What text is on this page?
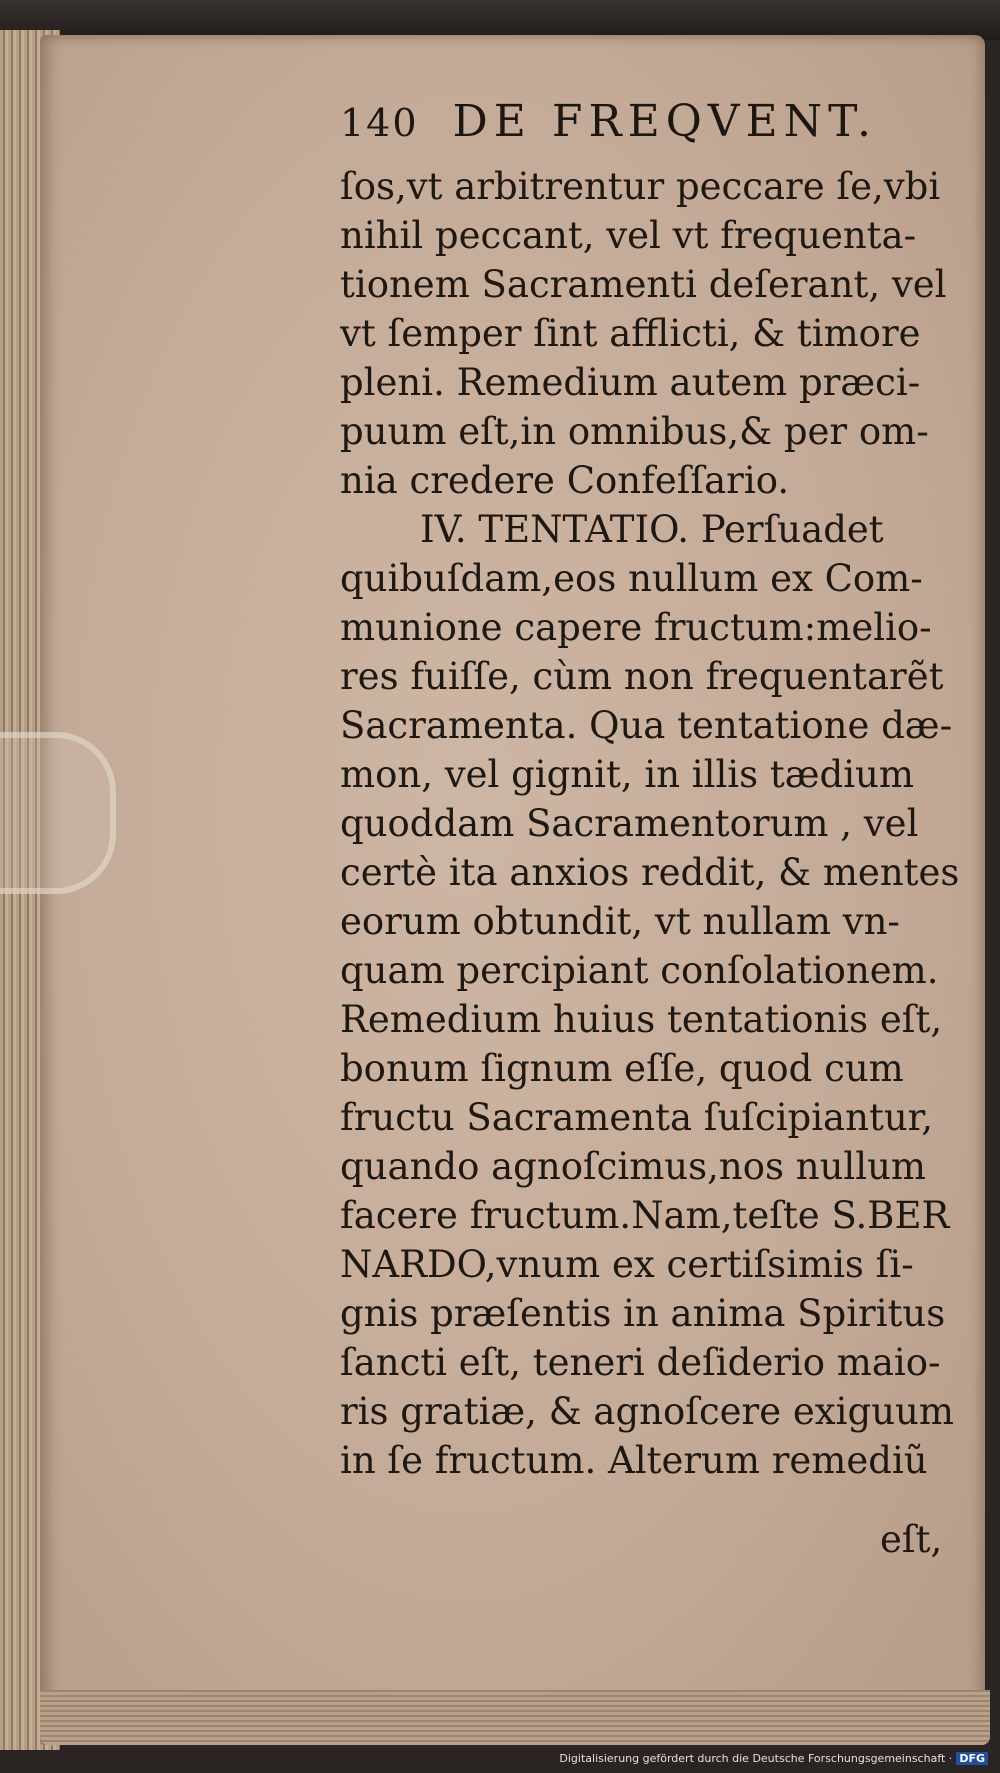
140 DE FREQVENT.
ſos,vt arbitrentur peccare ſe,vbi
nihil peccant, vel vt frequenta-
tionem Sacramenti deſerant, vel
vt ſemper ſint afflicti, & timore
pleni. Remedium autem præci-
puum eſt,in omnibus,& per om-
nia credere Confeſſario.
IV. TENTATIO. Perſuadet
quibuſdam,eos nullum ex Com-
munione capere fructum:melio-
res fuiſſe, cùm non frequentarẽt
Sacramenta. Qua tentatione dæ-
mon, vel gignit, in illis tædium
quoddam Sacramentorum , vel
certè ita anxios reddit, & mentes
eorum obtundit, vt nullam vn-
quam percipiant conſolationem.
Remedium huius tentationis eſt,
bonum ſignum eſſe, quod cum
fructu Sacramenta ſuſcipiantur,
quando agnoſcimus,nos nullum
facere fructum.Nam,teſte S.BER
NARDO,vnum ex certiſsimis ſi-
gnis præſentis in anima Spiritus
ſancti eſt, teneri deſiderio maio-
ris gratiæ, & agnoſcere exiguum
in ſe fructum. Alterum remediũ
eſt,
Digitalisierung gefördert durch die Deutsche Forschungsgemeinschaft · DFG
